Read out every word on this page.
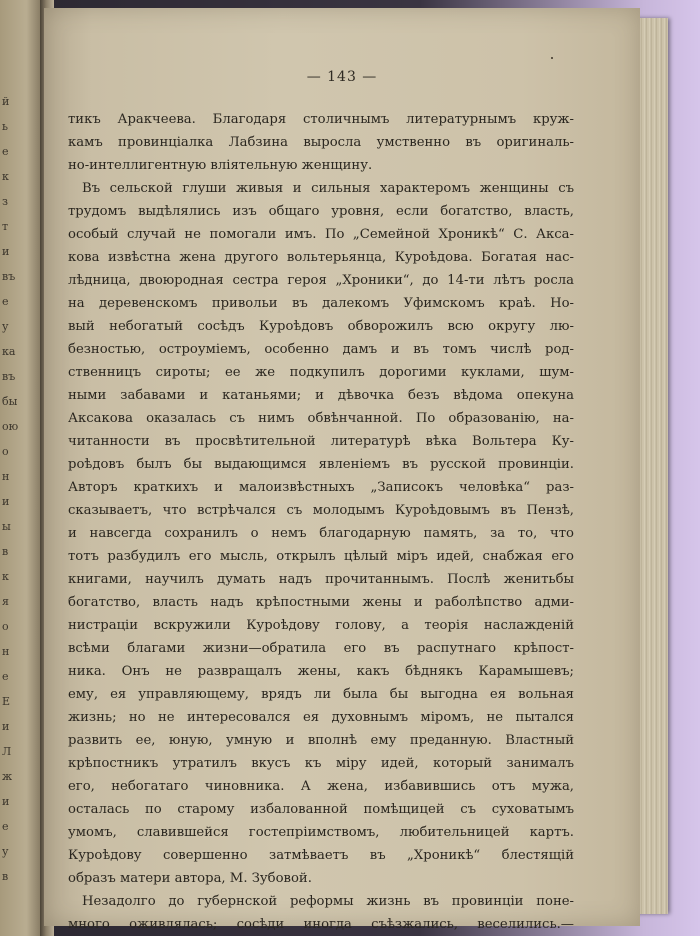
й
ь
е
к
з
т
и
въ
е
у
ка
въ
бы
ою
о
н
и
ы
в
к
я
о
н
е
Е
и
Л
ж
и
е
у
в
— 143 —
тикъ Аракчеева. Благодаря столичнымъ литературнымъ круж-
камъ провинціалка Лабзина выросла умственно въ оригиналь-
но-интеллигентную вліятельную женщину.
Въ сельской глуши живыя и сильныя характеромъ женщины съ
трудомъ выдѣлялись изъ общаго уровня, если богатство, власть,
особый случай не помогали имъ. По „Семейной Хроникѣ“ С. Акса-
кова извѣстна жена другого вольтерьянца, Куроѣдова. Богатая нас-
лѣдница, двоюродная сестра героя „Хроники“, до 14-ти лѣтъ росла
на деревенскомъ привольи въ далекомъ Уфимскомъ краѣ. Но-
вый небогатый сосѣдъ Куроѣдовъ обворожилъ всю округу лю-
безностью, остроуміемъ, особенно дамъ и въ томъ числѣ род-
ственницъ сироты; ее же подкупилъ дорогими куклами, шум-
ными забавами и катаньями; и дѣвочка безъ вѣдома опекуна
Аксакова оказалась съ нимъ обвѣнчанной. По образованію, на-
читанности въ просвѣтительной литературѣ вѣка Вольтера Ку-
роѣдовъ былъ бы выдающимся явленіемъ въ русской провинціи.
Авторъ краткихъ и малоизвѣстныхъ „Записокъ человѣка“ раз-
сказываетъ, что встрѣчался съ молодымъ Куроѣдовымъ въ Пензѣ,
и навсегда сохранилъ о немъ благодарную память, за то, что
тотъ разбудилъ его мысль, открылъ цѣлый міръ идей, снабжая его
книгами, научилъ думать надъ прочитаннымъ. Послѣ женитьбы
богатство, власть надъ крѣпостными жены и раболѣпство адми-
нистраціи вскружили Куроѣдову голову, а теорія наслажденій
всѣми благами жизни—обратила его въ распутнаго крѣпост-
ника. Онъ не развращалъ жены, какъ бѣднякъ Карамышевъ;
ему, ея управляющему, врядъ ли была бы выгодна ея вольная
жизнь; но не интересовался ея духовнымъ міромъ, не пытался
развить ее, юную, умную и вполнѣ ему преданную. Властный
крѣпостникъ утратилъ вкусъ къ міру идей, который занималъ
его, небогатаго чиновника. А жена, избавившись отъ мужа,
осталась по старому избалованной помѣщицей съ суховатымъ
умомъ, славившейся гостепріимствомъ, любительницей картъ.
Куроѣдову совершенно затмѣваетъ въ „Хроникѣ“ блестящій
образъ матери автора, М. Зубовой.
Незадолго до губернской реформы жизнь въ провинціи поне-
много оживлялась; сосѣди иногда съѣзжались, веселились.—
